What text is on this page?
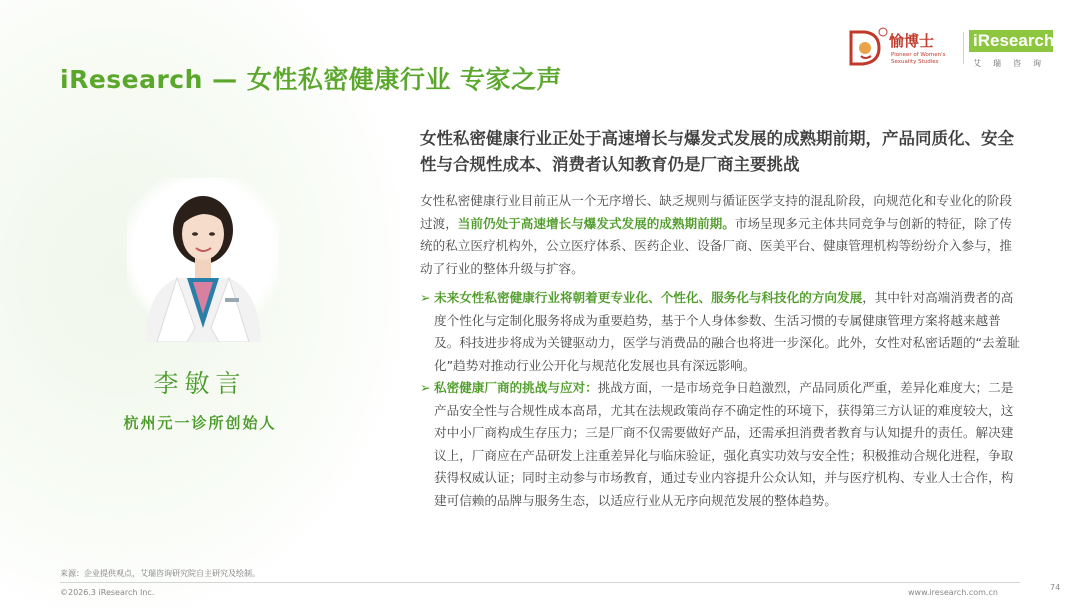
iResearch — 女性私密健康行业 专家之声
愉博士
Pioneer of Women's
Sexuality Studies
iResearch
艾瑞咨询
李敏言
杭州元一诊所创始人
女性私密健康行业正处于高速增长与爆发式发展的成熟期前期，产品同质化、安全性与合规性成本、消费者认知教育仍是厂商主要挑战

女性私密健康行业目前正从一个无序增长、缺乏规则与循证医学支持的混乱阶段，向规范化和专业化的阶段过渡，当前仍处于高速增长与爆发式发展的成熟期前期。市场呈现多元主体共同竞争与创新的特征，除了传统的私立医疗机构外，公立医疗体系、医药企业、设备厂商、医美平台、健康管理机构等纷纷介入参与，推动了行业的整体升级与扩容。

➢ 未来女性私密健康行业将朝着更专业化、个性化、服务化与科技化的方向发展，其中针对高端消费者的高度个性化与定制化服务将成为重要趋势，基于个人身体参数、生活习惯的专属健康管理方案将越来越普及。科技进步将成为关键驱动力，医学与消费品的融合也将进一步深化。此外，女性对私密话题的“去羞耻化”趋势对推动行业公开化与规范化发展也具有深远影响。
➢ 私密健康厂商的挑战与应对：挑战方面，一是市场竞争日趋激烈，产品同质化严重，差异化难度大；二是产品安全性与合规性成本高昂，尤其在法规政策尚存不确定性的环境下，获得第三方认证的难度较大，这对中小厂商构成生存压力；三是厂商不仅需要做好产品，还需承担消费者教育与认知提升的责任。解决建议上，厂商应在产品研发上注重差异化与临床验证，强化真实功效与安全性；积极推动合规化进程，争取获得权威认证；同时主动参与市场教育，通过专业内容提升公众认知，并与医疗机构、专业人士合作，构建可信赖的品牌与服务生态，以适应行业从无序向规范发展的整体趋势。
来源：企业提供观点，艾瑞咨询研究院自主研究及绘制。
©2026.3 iResearch Inc.	www.iresearch.com.cn
74
